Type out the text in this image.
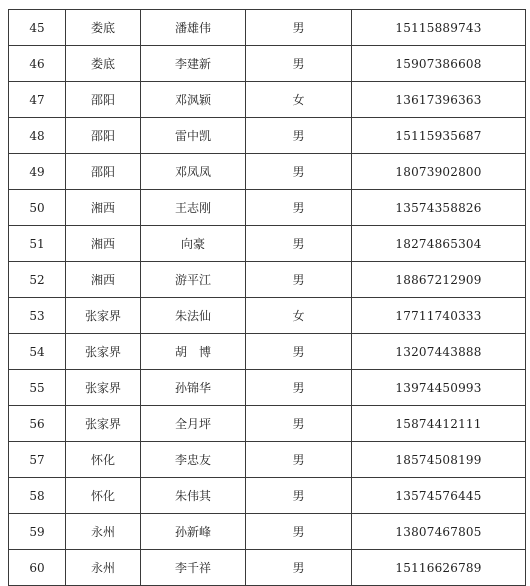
45	娄底	潘雄伟	男	15115889743
46	娄底	李建新	男	15907386608
47	邵阳	邓沨颖	女	13617396363
48	邵阳	雷中凯	男	15115935687
49	邵阳	邓凤凤	男	18073902800
50	湘西	王志刚	男	13574358826
51	湘西	向豪	男	18274865304
52	湘西	游平江	男	18867212909
53	张家界	朱法仙	女	17711740333
54	张家界	胡　博	男	13207443888
55	张家界	孙锦华	男	13974450993
56	张家界	全月坪	男	15874412111
57	怀化	李忠友	男	18574508199
58	怀化	朱伟其	男	13574576445
59	永州	孙新峰	男	13807467805
60	永州	李千祥	男	15116626789
